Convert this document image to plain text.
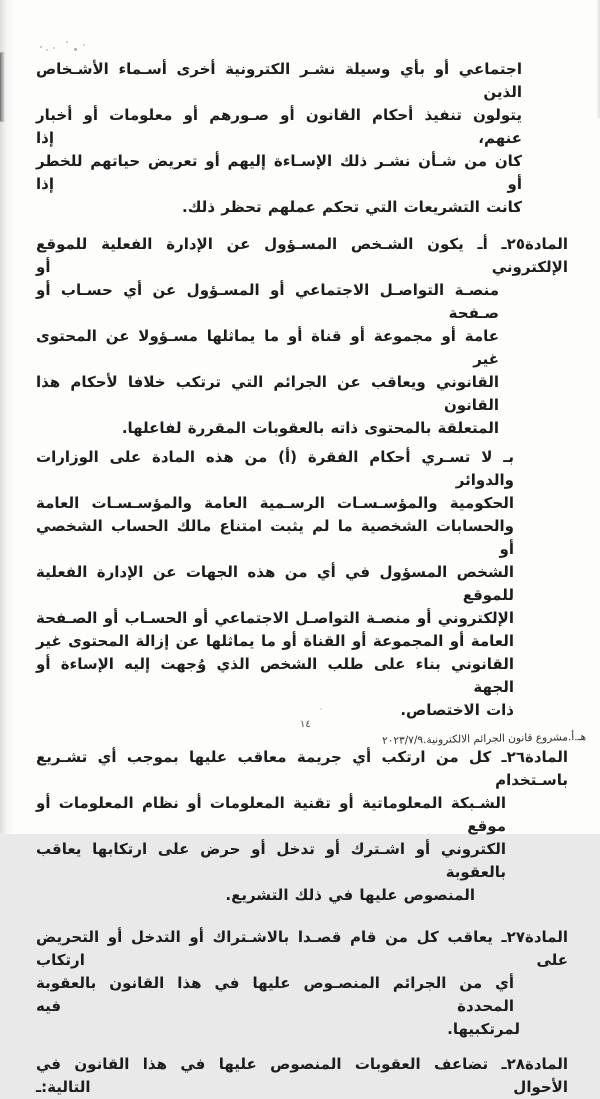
اجتماعي أو بأي وسيلة نشـر الكترونية أخرى أسـماء الأشـخاص الذين
يتولون تنفيذ أحكام القانون أو صـورهم أو معلومات أو أخبار عنهم، إذا
كان من شـأن نشـر ذلك الإسـاءة إليهم أو تعريض حياتهم للخطر أو إذا
كانت التشريعات التي تحكم عملهم تحظر ذلك.
المادة٢٥ـ أـ يكون الشـخص المسـؤول عن الإدارة الفعلية للموقع الإلكتروني أو
منصـة التواصـل الاجتماعي أو المسـؤول عن أي حسـاب أو صـفحة
عامة أو مجموعة أو قناة أو ما يماثلها مسـؤولا عن المحتوى غير
القانوني ويعاقب عن الجرائم التي ترتكب خلافا لأحكام هذا القانون
المتعلقة بالمحتوى ذاته بالعقوبات المقررة لفاعلها.
بـ لا تسـري أحكام الفقرة (أ) من هذه المادة على الوزارات والدوائر
الحكومية والمؤسـسـات الرسـمية العامة والمؤسـسـات العامة
والحسابات الشخصية ما لم يثبت امتناع مالك الحساب الشخصي أو
الشخص المسؤول في أي من هذه الجهات عن الإدارة الفعلية للموقع
الإلكتروني أو منصـة التواصـل الاجتماعي أو الحسـاب أو الصـفحة
العامة أو المجموعة أو القناة أو ما يماثلها عن إزالة المحتوى غير
القانوني بناء على طلب الشخص الذي وُجهت إليه الإساءة أو الجهة
ذات الاختصاص.
المادة٢٦ـ كل من ارتكب أي جريمة معاقب عليها بموجب أي تشـريع باسـتخدام
الشـبكة المعلوماتية أو تقنية المعلومات أو نظام المعلومات أو موقع
الكتروني أو اشـترك أو تدخل أو حرض على ارتكابها يعاقب بالعقوبة
المنصوص عليها في ذلك التشريع.
المادة٢٧ـ يعاقب كل من قام قصـدا بالاشـتراك أو التدخل أو التحريض على ارتكاب
أي من الجرائم المنصـوص عليها في هذا القانون بالعقوبة المحددة فيه
لمرتكبيها.
المادة٢٨ـ تضاعف العقوبات المنصوص عليها في هذا القانون في الأحوال التالية:ـ
١٤
هـ.أ.مشروع قانون الجرائم الالكترونية.٢٠٢٣/٧/٩
